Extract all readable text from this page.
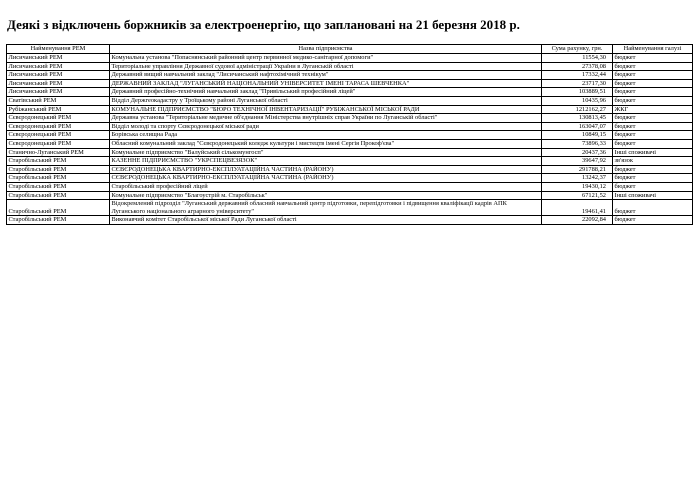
Деякі з відключень боржників за електроенергію, що заплановані на 21 березня 2018 р.
Найменування РЕМ	Назва підприємства	Сума рахунку, грн.	Найменування галузі
Лисичанський РЕМ	Комунальна установа "Попаснянський районний центр первинної медико-санітарної допомоги"	11554,30	бюджет
Лисичанський РЕМ	Територіальне управління Державної судової адміністрації України в Луганській області	27378,08	бюджет
Лисичанський РЕМ	Державний вищий навчальний заклад "Лисичанський нафтохімічний технікум"	17332,44	бюджет
Лисичанський РЕМ	ДЕРЖАВНИЙ ЗАКЛАД "ЛУГАНСЬКИЙ НАЦІОНАЛЬНИЙ УНІВЕРСИТЕТ ІМЕНІ ТАРАСА ШЕВЧЕНКА"	23717,30	бюджет
Лисичанський РЕМ	Державний професійно-технічний навчальний заклад "Привільський професійний ліцей"	103889,51	бюджет
Сватівський РЕМ	Відділ Держгеокадастру у Троїцькому районі Луганської області	10435,96	бюджет
Рубіжанський РЕМ	КОМУНАЛЬНЕ ПІДПРИЄМСТВО "БЮРО ТЕХНІЧНОЇ ІНВЕНТАРИЗАЦІЇ" РУБІЖАНСЬКОЇ МІСЬКОЇ РАДИ	1212162,27	ЖКГ
Сєвєродонецький РЕМ	Державна установа "Територіальне медичне об'єднання Міністерства внутрішніх справ України по Луганській області"	130813,45	бюджет
Сєвєродонецький РЕМ	Відділ молоді та спорту Сєвєродонецької міської ради	163047,07	бюджет
Сєвєродонецький РЕМ	Борівська селищна Рада	10849,15	бюджет
Сєвєродонецький РЕМ	Обласний комунальний заклад "Сєвєродонецький коледж культури і мистецтв імені Сергія Прокоф'єва"	73896,33	бюджет
Станично-Луганський РЕМ	Комунальне підприємство "Валуйський сількомунгосп"	20437,36	Інші споживачі
Старобільський РЕМ	КАЗЕННЕ ПІДПРИЄМСТВО "УКРСПЕЦВЕЗЯЗОК"	39647,92	зв'язок
Старобільський РЕМ	СЄВЄРОДОНЕЦЬКА КВАРТИРНО-ЕКСПЛУАТАЦІЙНА ЧАСТИНА (РАЙОНУ)	291788,21	бюджет
Старобільський РЕМ	СЄВЄРОДОНЕЦЬКА КВАРТИРНО-ЕКСПЛУАТАЦІЙНА ЧАСТИНА (РАЙОНУ)	13242,37	бюджет
Старобільський РЕМ	Старобільський професійний ліцей	19430,12	бюджет
Старобільський РЕМ	Комунальне підприємство "Благоустрій м. Старобільськ"	67121,52	Інші споживачі
Старобільський РЕМ	Відокремлений підрозділ "Луганський державний обласний навчальний центр підготовки, перепідготовки і підвищення кваліфікації кадрів АПК Луганського національного аграрного університету"	19461,41	бюджет
Старобільський РЕМ	Виконавчий комітет Старобільської міської Ради Луганської області	22092,84	бюджет
